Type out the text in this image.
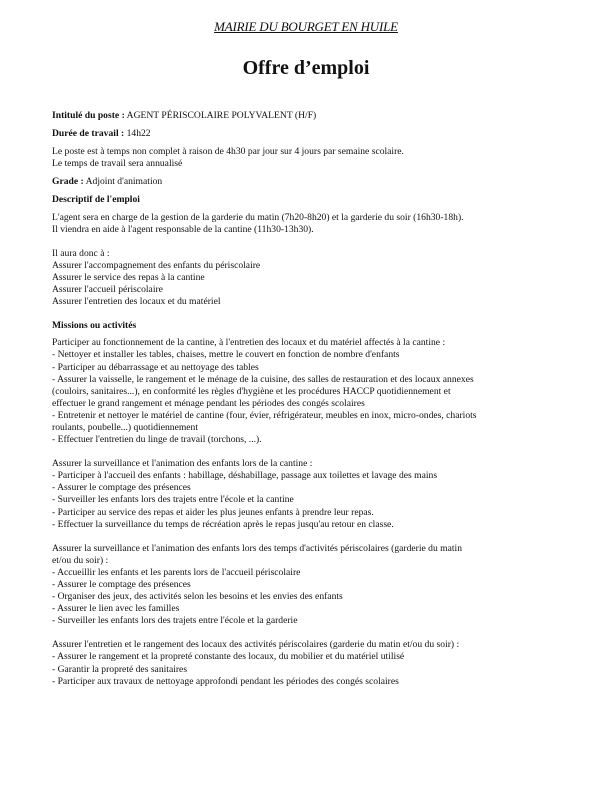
MAIRIE DU BOURGET EN HUILE
Offre d’emploi
Intitulé du poste : AGENT PÉRISCOLAIRE POLYVALENT (H/F)
Durée de travail : 14h22
Le poste est à temps non complet à raison de 4h30 par jour sur 4 jours par semaine scolaire.
Le temps de travail sera annualisé
Grade : Adjoint d'animation
Descriptif de l'emploi
L'agent sera en charge de la gestion de la garderie du matin (7h20-8h20) et la garderie du soir (16h30-18h).
Il viendra en aide à l'agent responsable de la cantine (11h30-13h30).
Il aura donc à :
Assurer l'accompagnement des enfants du périscolaire
Assurer le service des repas à la cantine
Assurer l'accueil périscolaire
Assurer l'entretien des locaux et du matériel
Missions ou activités
Participer au fonctionnement de la cantine, à l'entretien des locaux et du matériel affectés à la cantine :
- Nettoyer et installer les tables, chaises, mettre le couvert en fonction de nombre d'enfants
- Participer au débarrassage et au nettoyage des tables
- Assurer la vaisselle, le rangement et le ménage de la cuisine, des salles de restauration et des locaux annexes
(couloirs, sanitaires...), en conformité les règles d'hygiène et les procédures HACCP quotidiennement et
effectuer le grand rangement et ménage pendant les périodes des congés scolaires
- Entretenir et nettoyer le matériel de cantine (four, évier, réfrigérateur, meubles en inox, micro-ondes, chariots
roulants, poubelle...) quotidiennement
- Effectuer l'entretien du linge de travail (torchons, ...).
Assurer la surveillance et l'animation des enfants lors de la cantine :
- Participer à l'accueil des enfants : habillage, déshabillage, passage aux toilettes et lavage des mains
- Assurer le comptage des présences
- Surveiller les enfants lors des trajets entre l'école et la cantine
- Participer au service des repas et aider les plus jeunes enfants à prendre leur repas.
- Effectuer la surveillance du temps de récréation après le repas jusqu'au retour en classe.
Assurer la surveillance et l'animation des enfants lors des temps d'activités périscolaires (garderie du matin
et/ou du soir) :
- Accueillir les enfants et les parents lors de l'accueil périscolaire
- Assurer le comptage des présences
- Organiser des jeux, des activités selon les besoins et les envies des enfants
- Assurer le lien avec les familles
- Surveiller les enfants lors des trajets entre l'école et la garderie
Assurer l'entretien et le rangement des locaux des activités périscolaires (garderie du matin et/ou du soir) :
- Assurer le rangement et la propreté constante des locaux, du mobilier et du matériel utilisé
- Garantir la propreté des sanitaires
- Participer aux travaux de nettoyage approfondi pendant les périodes des congés scolaires
